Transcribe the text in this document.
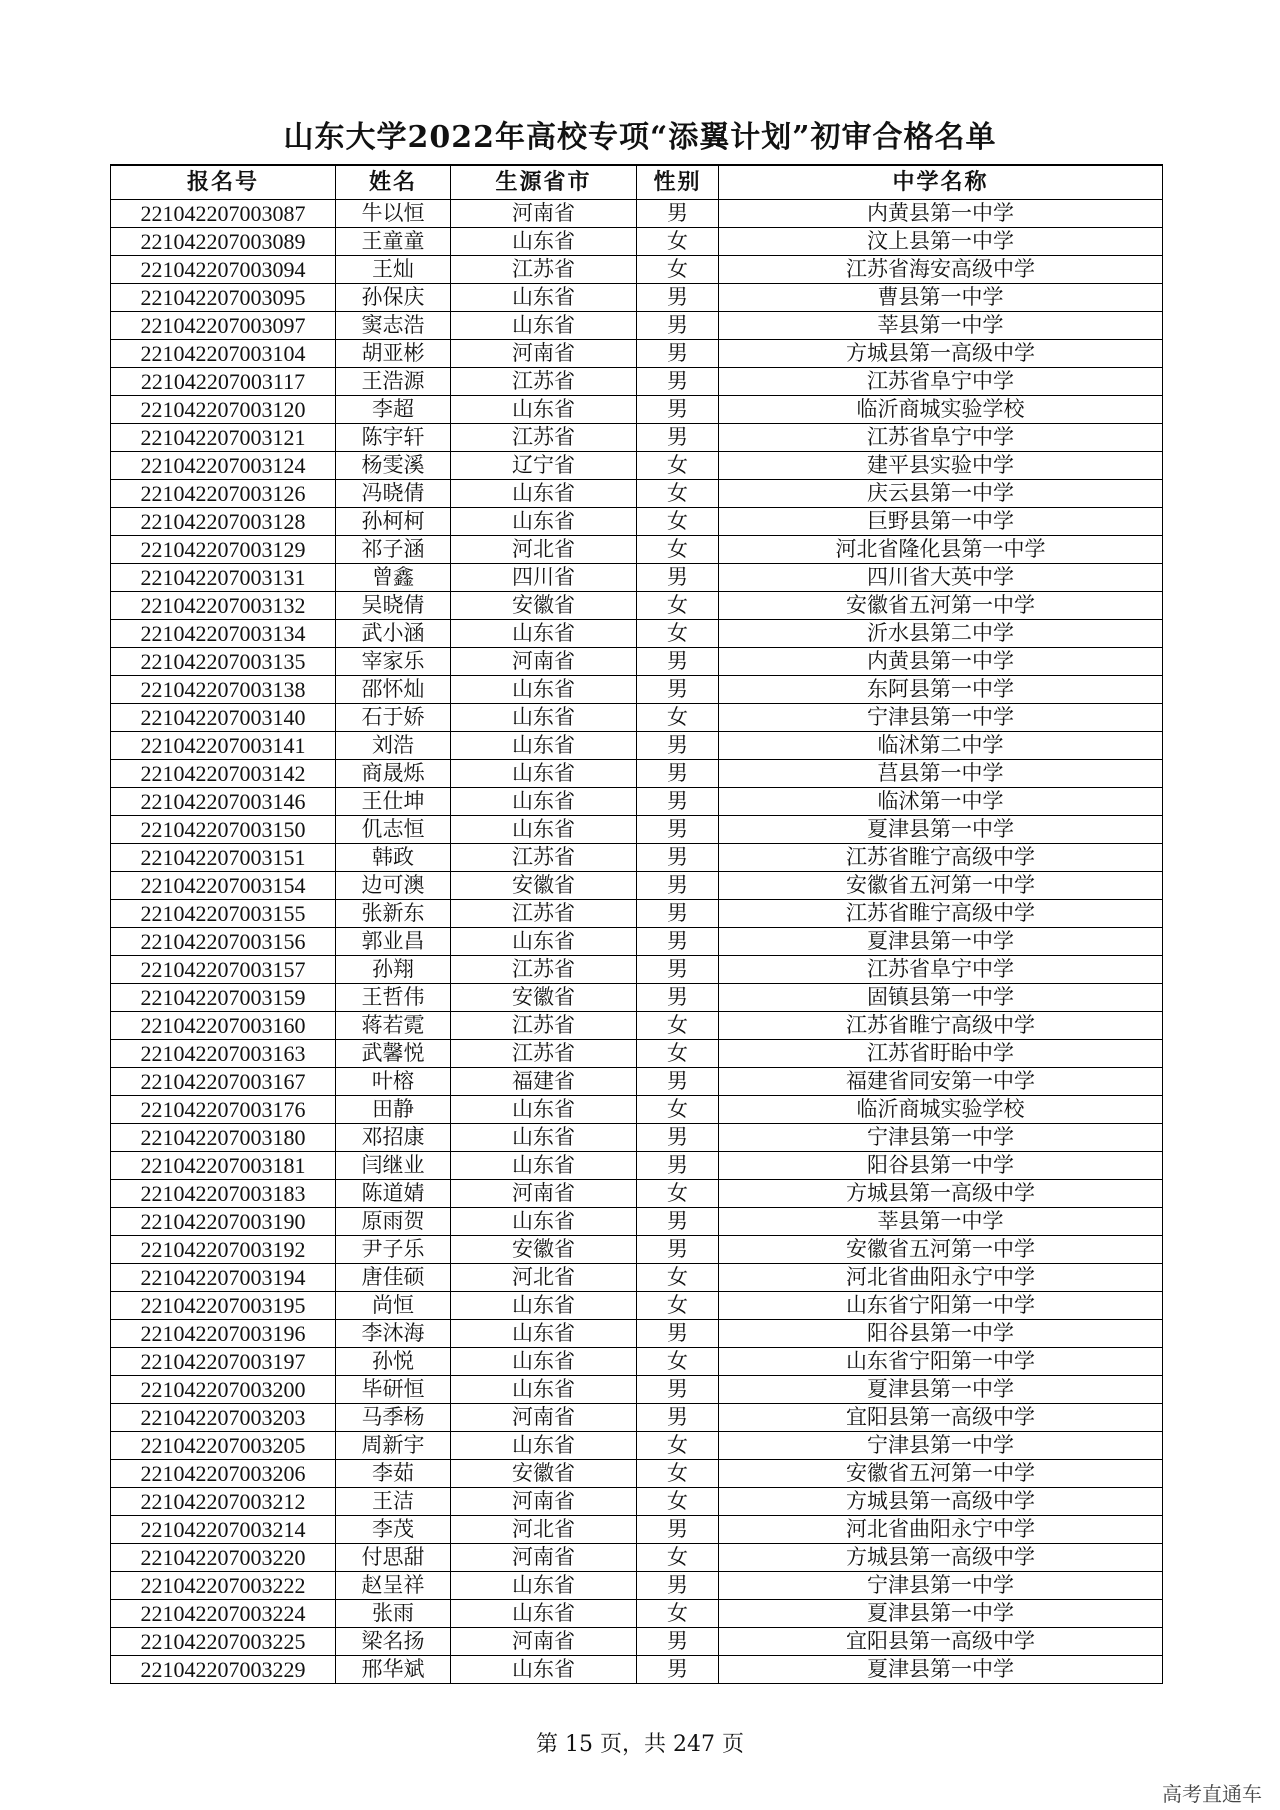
山东大学2022年高校专项“添翼计划”初审合格名单
报名号	姓名	生源省市	性别	中学名称
221042207003087	牛以恒	河南省	男	内黄县第一中学
221042207003089	王童童	山东省	女	汶上县第一中学
221042207003094	王灿	江苏省	女	江苏省海安高级中学
221042207003095	孙保庆	山东省	男	曹县第一中学
221042207003097	窦志浩	山东省	男	莘县第一中学
221042207003104	胡亚彬	河南省	男	方城县第一高级中学
221042207003117	王浩源	江苏省	男	江苏省阜宁中学
221042207003120	李超	山东省	男	临沂商城实验学校
221042207003121	陈宇轩	江苏省	男	江苏省阜宁中学
221042207003124	杨雯溪	辽宁省	女	建平县实验中学
221042207003126	冯晓倩	山东省	女	庆云县第一中学
221042207003128	孙柯柯	山东省	女	巨野县第一中学
221042207003129	祁子涵	河北省	女	河北省隆化县第一中学
221042207003131	曾鑫	四川省	男	四川省大英中学
221042207003132	吴晓倩	安徽省	女	安徽省五河第一中学
221042207003134	武小涵	山东省	女	沂水县第二中学
221042207003135	宰家乐	河南省	男	内黄县第一中学
221042207003138	邵怀灿	山东省	男	东阿县第一中学
221042207003140	石于娇	山东省	女	宁津县第一中学
221042207003141	刘浩	山东省	男	临沭第二中学
221042207003142	商晟烁	山东省	男	莒县第一中学
221042207003146	王仕坤	山东省	男	临沭第一中学
221042207003150	仉志恒	山东省	男	夏津县第一中学
221042207003151	韩政	江苏省	男	江苏省睢宁高级中学
221042207003154	边可澳	安徽省	男	安徽省五河第一中学
221042207003155	张新东	江苏省	男	江苏省睢宁高级中学
221042207003156	郭业昌	山东省	男	夏津县第一中学
221042207003157	孙翔	江苏省	男	江苏省阜宁中学
221042207003159	王哲伟	安徽省	男	固镇县第一中学
221042207003160	蒋若霓	江苏省	女	江苏省睢宁高级中学
221042207003163	武馨悦	江苏省	女	江苏省盱眙中学
221042207003167	叶榕	福建省	男	福建省同安第一中学
221042207003176	田静	山东省	女	临沂商城实验学校
221042207003180	邓招康	山东省	男	宁津县第一中学
221042207003181	闫继业	山东省	男	阳谷县第一中学
221042207003183	陈道婧	河南省	女	方城县第一高级中学
221042207003190	原雨贺	山东省	男	莘县第一中学
221042207003192	尹子乐	安徽省	男	安徽省五河第一中学
221042207003194	唐佳硕	河北省	女	河北省曲阳永宁中学
221042207003195	尚恒	山东省	女	山东省宁阳第一中学
221042207003196	李沐海	山东省	男	阳谷县第一中学
221042207003197	孙悦	山东省	女	山东省宁阳第一中学
221042207003200	毕研恒	山东省	男	夏津县第一中学
221042207003203	马季杨	河南省	男	宜阳县第一高级中学
221042207003205	周新宇	山东省	女	宁津县第一中学
221042207003206	李茹	安徽省	女	安徽省五河第一中学
221042207003212	王洁	河南省	女	方城县第一高级中学
221042207003214	李茂	河北省	男	河北省曲阳永宁中学
221042207003220	付思甜	河南省	女	方城县第一高级中学
221042207003222	赵呈祥	山东省	男	宁津县第一中学
221042207003224	张雨	山东省	女	夏津县第一中学
221042207003225	梁名扬	河南省	男	宜阳县第一高级中学
221042207003229	邢华斌	山东省	男	夏津县第一中学
第 15 页，共 247 页
高考直通车
